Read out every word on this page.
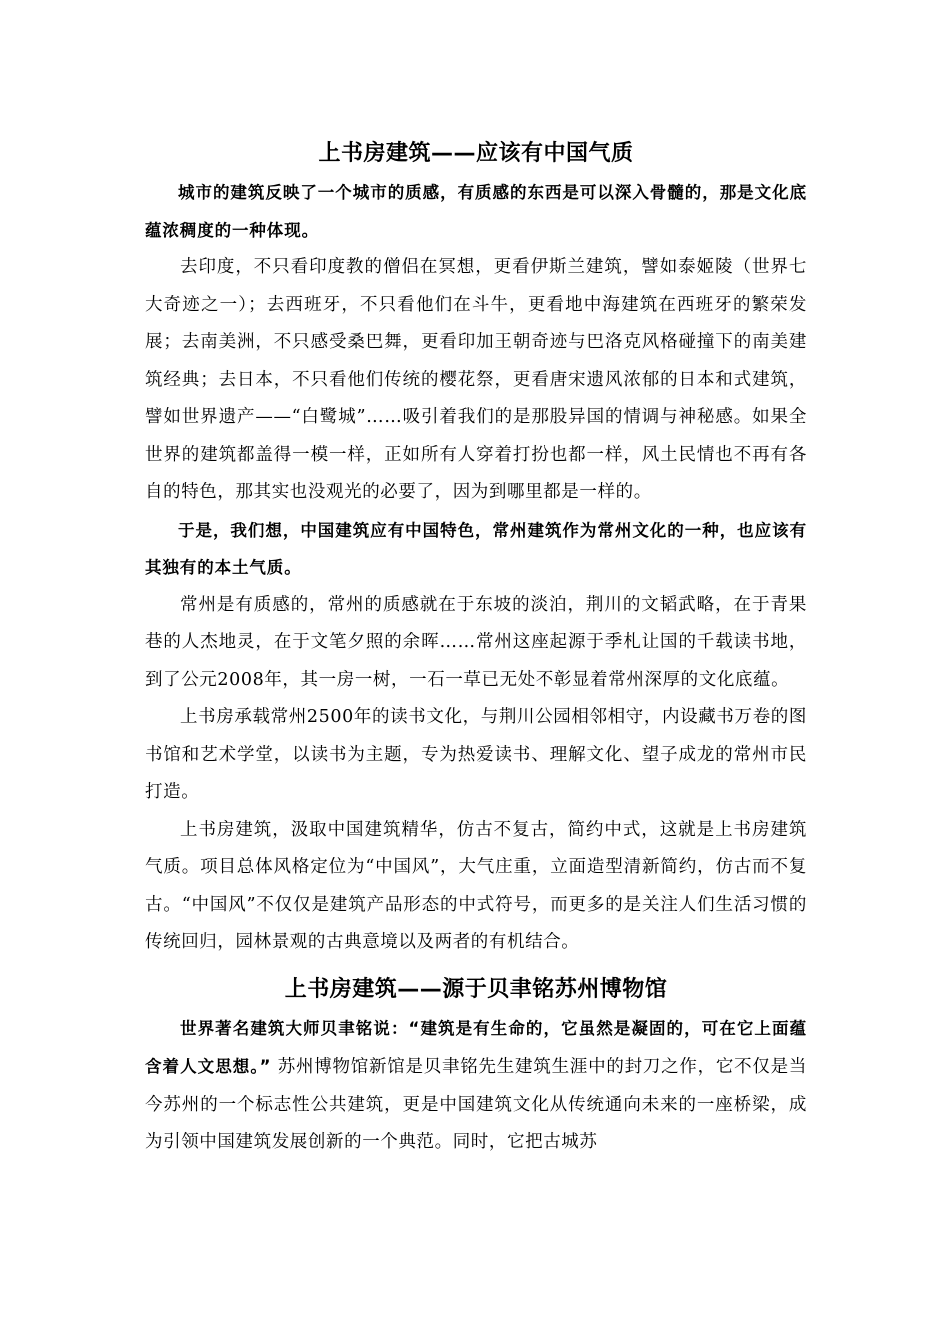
上书房建筑——应该有中国气质

城市的建筑反映了一个城市的质感，有质感的东西是可以深入骨髓的，那是文化底蕴浓稠度的一种体现。

去印度，不只看印度教的僧侣在冥想，更看伊斯兰建筑，譬如泰姬陵（世界七大奇迹之一）；去西班牙，不只看他们在斗牛，更看地中海建筑在西班牙的繁荣发展；去南美洲，不只感受桑巴舞，更看印加王朝奇迹与巴洛克风格碰撞下的南美建筑经典；去日本，不只看他们传统的樱花祭，更看唐宋遗风浓郁的日本和式建筑，譬如世界遗产——“白鹭城”……吸引着我们的是那股异国的情调与神秘感。如果全世界的建筑都盖得一模一样，正如所有人穿着打扮也都一样，风土民情也不再有各自的特色，那其实也没观光的必要了，因为到哪里都是一样的。

于是，我们想，中国建筑应有中国特色，常州建筑作为常州文化的一种，也应该有其独有的本土气质。

常州是有质感的，常州的质感就在于东坡的淡泊，荆川的文韬武略，在于青果巷的人杰地灵，在于文笔夕照的余晖……常州这座起源于季札让国的千载读书地，到了公元2008年，其一房一树，一石一草已无处不彰显着常州深厚的文化底蕴。

上书房承载常州2500年的读书文化，与荆川公园相邻相守，内设藏书万卷的图书馆和艺术学堂，以读书为主题，专为热爱读书、理解文化、望子成龙的常州市民打造。

上书房建筑，汲取中国建筑精华，仿古不复古，简约中式，这就是上书房建筑气质。项目总体风格定位为“中国风”，大气庄重，立面造型清新简约，仿古而不复古。“中国风”不仅仅是建筑产品形态的中式符号，而更多的是关注人们生活习惯的传统回归，园林景观的古典意境以及两者的有机结合。

上书房建筑——源于贝聿铭苏州博物馆

世界著名建筑大师贝聿铭说：“建筑是有生命的，它虽然是凝固的，可在它上面蕴含着人文思想。” 苏州博物馆新馆是贝聿铭先生建筑生涯中的封刀之作，它不仅是当今苏州的一个标志性公共建筑，更是中国建筑文化从传统通向未来的一座桥梁，成为引领中国建筑发展创新的一个典范。同时，它把古城苏
